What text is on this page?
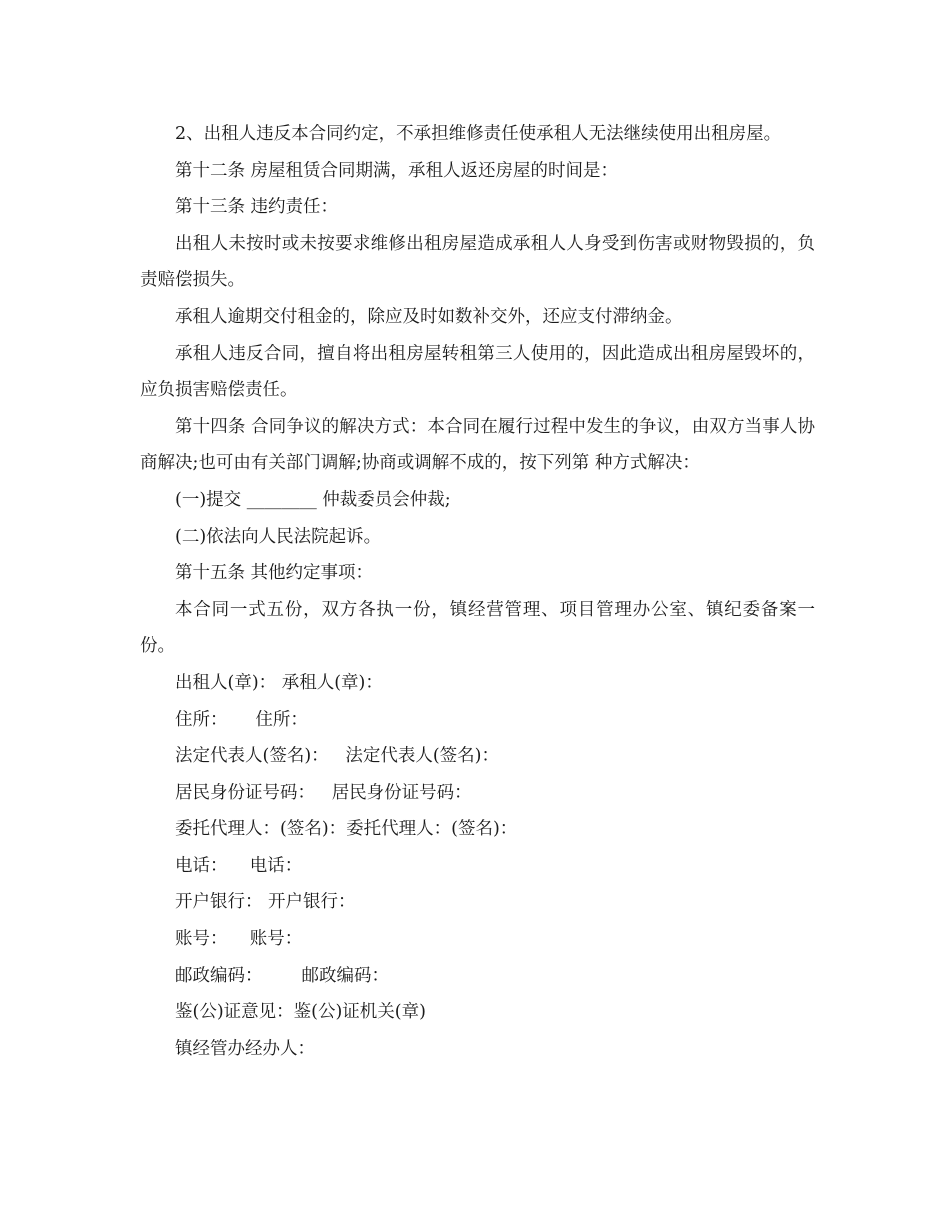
2、出租人违反本合同约定，不承担维修责任使承租人无法继续使用出租房屋。

第十二条 房屋租赁合同期满，承租人返还房屋的时间是：

第十三条 违约责任：

出租人未按时或未按要求维修出租房屋造成承租人人身受到伤害或财物毁损的，负责赔偿损失。

承租人逾期交付租金的，除应及时如数补交外，还应支付滞纳金。

承租人违反合同，擅自将出租房屋转租第三人使用的，因此造成出租房屋毁坏的，应负损害赔偿责任。

第十四条 合同争议的解决方式：本合同在履行过程中发生的争议，由双方当事人协商解决;也可由有关部门调解;协商或调解不成的，按下列第 种方式解决：

(一)提交 ________ 仲裁委员会仲裁;

(二)依法向人民法院起诉。

第十五条 其他约定事项：

本合同一式五份，双方各执一份，镇经营管理、项目管理办公室、镇纪委备案一份。

出租人(章)： 承租人(章)：

住所：     住所：

法定代表人(签名)：   法定代表人(签名)：

居民身份证号码：   居民身份证号码：

委托代理人：(签名)：委托代理人：(签名)：

电话：    电话：

开户银行： 开户银行：

账号：    账号：

邮政编码：       邮政编码：

鉴(公)证意见：鉴(公)证机关(章)

镇经管办经办人：
